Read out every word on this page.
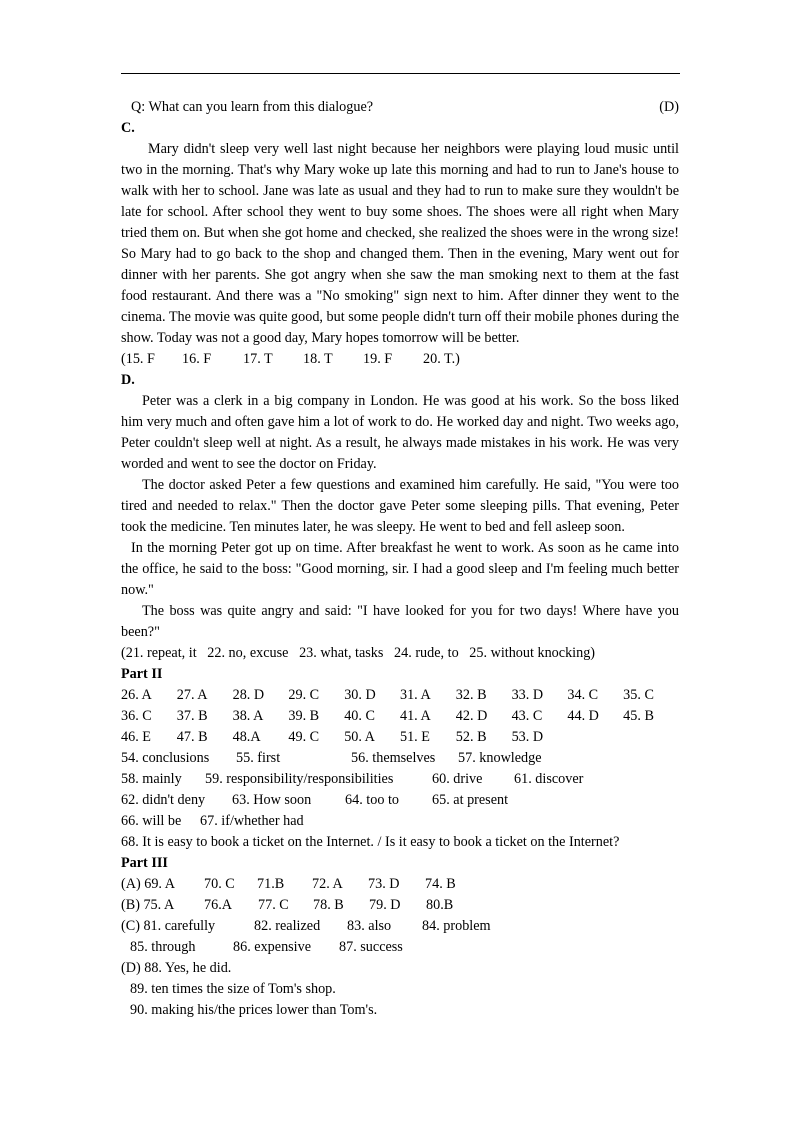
Q: What can you learn from this dialogue?	(D)
C.
Mary didn't sleep very well last night because her neighbors were playing loud music until two in the morning. That's why Mary woke up late this morning and had to run to Jane's house to walk with her to school. Jane was late as usual and they had to run to make sure they wouldn't be late for school. After school they went to buy some shoes. The shoes were all right when Mary tried them on. But when she got home and checked, she realized the shoes were in the wrong size! So Mary had to go back to the shop and changed them. Then in the evening, Mary went out for dinner with her parents. She got angry when she saw the man smoking next to them at the fast food restaurant. And there was a "No smoking" sign next to him. After dinner they went to the cinema. The movie was quite good, but some people didn't turn off their mobile phones during the show. Today was not a good day, Mary hopes tomorrow will be better.
(15. F	16. F	17. T	18. T	19. F	20. T.)
D.
Peter was a clerk in a big company in London. He was good at his work. So the boss liked him very much and often gave him a lot of work to do. He worked day and night. Two weeks ago, Peter couldn't sleep well at night. As a result, he always made mistakes in his work. He was very worded and went to see the doctor on Friday.
The doctor asked Peter a few questions and examined him carefully. He said, "You were too tired and needed to relax." Then the doctor gave Peter some sleeping pills. That evening, Peter took the medicine. Ten minutes later, he was sleepy. He went to bed and fell asleep soon.
In the morning Peter got up on time. After breakfast he went to work. As soon as he came into the office, he said to the boss: "Good morning, sir. I had a good sleep and I'm feeling much better now."
The boss was quite angry and said: "I have looked for you for two days! Where have you been?"
(21. repeat, it   22. no, excuse   23. what, tasks   24. rude, to   25. without knocking)
Part II
26. A	27. A	28. D	29. C	30. D	31. A	32. B	33. D	34. C	35. C
36. C	37. B	38. A	39. B	40. C	41. A	42. D	43. C	44. D	45. B
46. E	47. B	48.A	49. C	50. A	51. E	52. B	53. D
54. conclusions	55. first	56. themselves	57. knowledge
58. mainly	59. responsibility/responsibilities	60. drive	61. discover
62. didn't deny	63. How soon	64. too to	65. at present
66. will be	67. if/whether had
68. It is easy to book a ticket on the Internet. / Is it easy to book a ticket on the Internet?
Part III
(A) 69. A	70. C	71.B	72. A	73. D	74. B
(B) 75. A	76.A	77. C	78. B	79. D	80.B
(C) 81. carefully	82. realized	83. also	84. problem
85. through	86. expensive	87. success
(D) 88. Yes, he did.
89. ten times the size of Tom's shop.
90. making his/the prices lower than Tom's.
